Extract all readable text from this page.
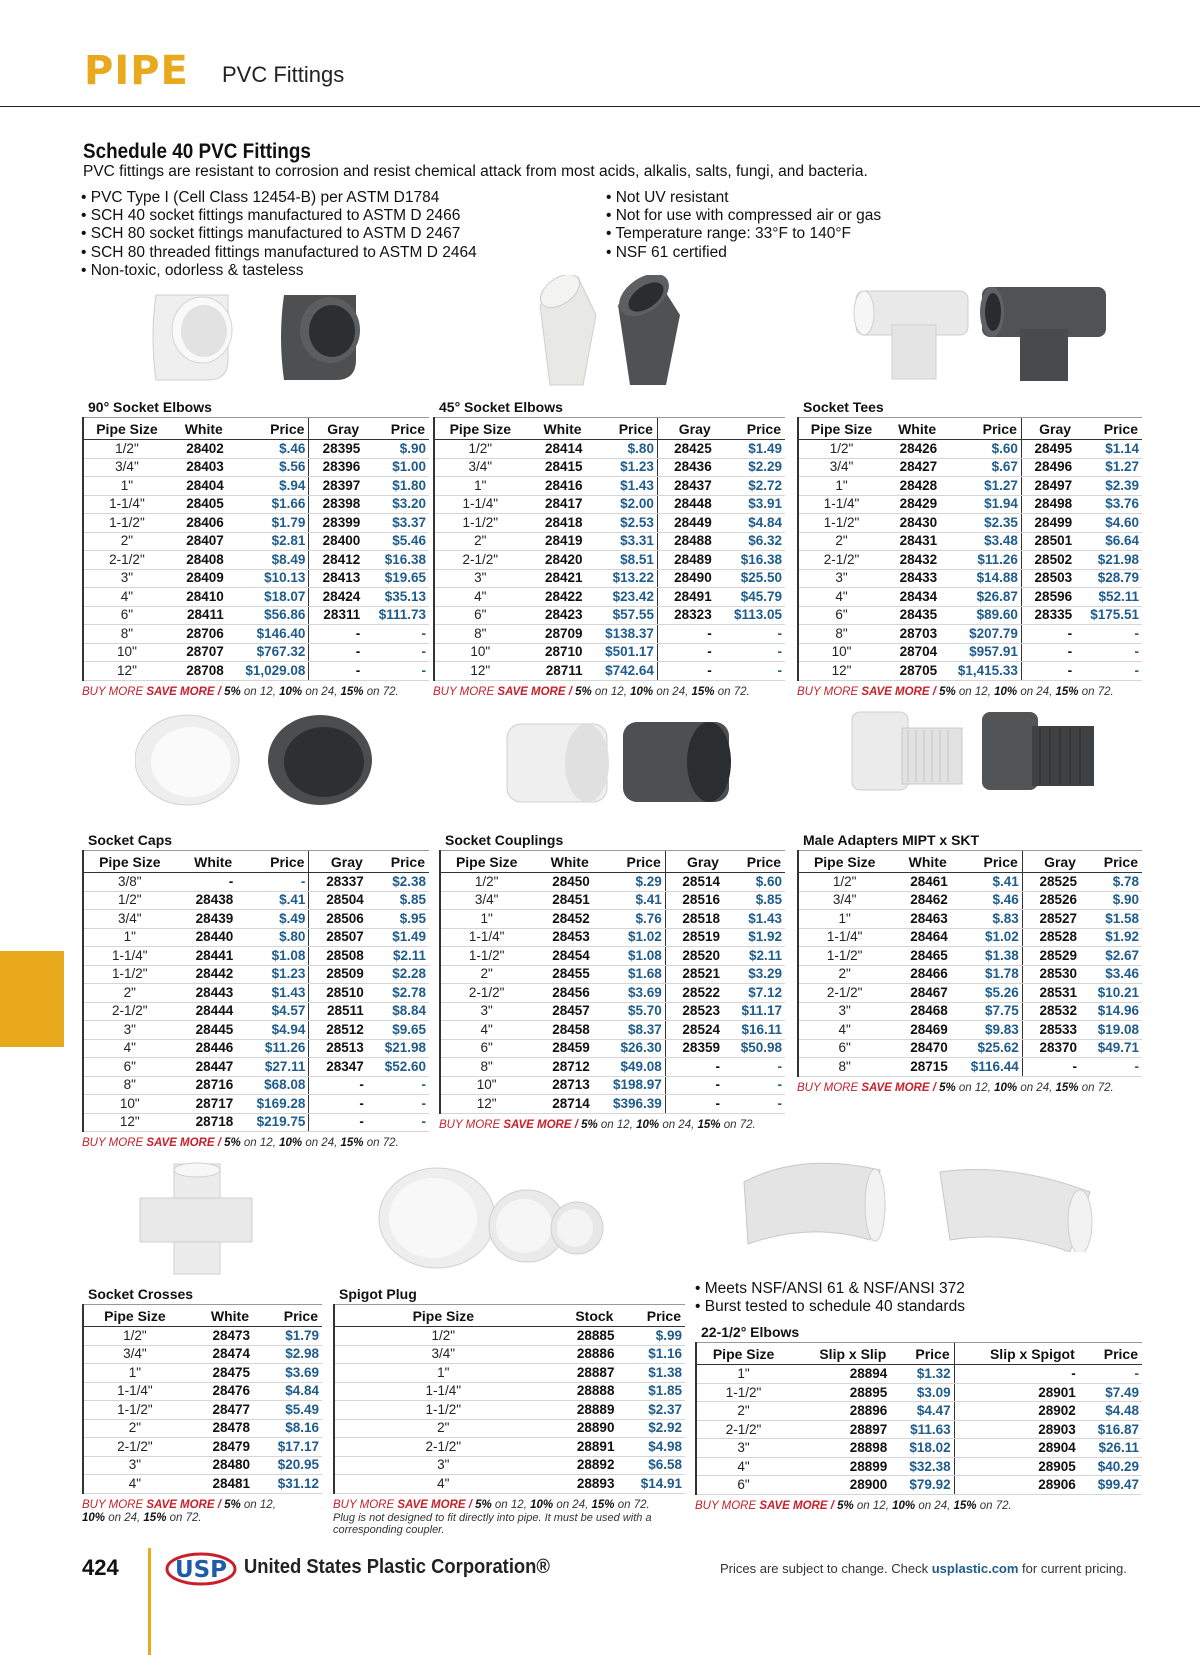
PIPE PVC Fittings
Schedule 40 PVC Fittings
PVC fittings are resistant to corrosion and resist chemical attack from most acids, alkalis, salts, fungi, and bacteria.
• PVC Type I (Cell Class 12454-B) per ASTM D1784
• SCH 40 socket fittings manufactured to ASTM D 2466
• SCH 80 socket fittings manufactured to ASTM D 2467
• SCH 80 threaded fittings manufactured to ASTM D 2464
• Non-toxic, odorless & tasteless
• Not UV resistant
• Not for use with compressed air or gas
• Temperature range: 33°F to 140°F
• NSF 61 certified
90° Socket Elbows
Pipe Size	White	Price	Gray	Price
1/2"	28402	$.46	28395	$.90
3/4"	28403	$.56	28396	$1.00
1"	28404	$.94	28397	$1.80
1-1/4"	28405	$1.66	28398	$3.20
1-1/2"	28406	$1.79	28399	$3.37
2"	28407	$2.81	28400	$5.46
2-1/2"	28408	$8.49	28412	$16.38
3"	28409	$10.13	28413	$19.65
4"	28410	$18.07	28424	$35.13
6"	28411	$56.86	28311	$111.73
8"	28706	$146.40	-	-
10"	28707	$767.32	-	-
12"	28708	$1,029.08	-	-
BUY MORE SAVE MORE / 5% on 12, 10% on 24, 15% on 72.
45° Socket Elbows
Pipe Size	White	Price	Gray	Price
1/2"	28414	$.80	28425	$1.49
3/4"	28415	$1.23	28436	$2.29
1"	28416	$1.43	28437	$2.72
1-1/4"	28417	$2.00	28448	$3.91
1-1/2"	28418	$2.53	28449	$4.84
2"	28419	$3.31	28488	$6.32
2-1/2"	28420	$8.51	28489	$16.38
3"	28421	$13.22	28490	$25.50
4"	28422	$23.42	28491	$45.79
6"	28423	$57.55	28323	$113.05
8"	28709	$138.37	-	-
10"	28710	$501.17	-	-
12"	28711	$742.64	-	-
BUY MORE SAVE MORE / 5% on 12, 10% on 24, 15% on 72.
Socket Tees
Pipe Size	White	Price	Gray	Price
1/2"	28426	$.60	28495	$1.14
3/4"	28427	$.67	28496	$1.27
1"	28428	$1.27	28497	$2.39
1-1/4"	28429	$1.94	28498	$3.76
1-1/2"	28430	$2.35	28499	$4.60
2"	28431	$3.48	28501	$6.64
2-1/2"	28432	$11.26	28502	$21.98
3"	28433	$14.88	28503	$28.79
4"	28434	$26.87	28596	$52.11
6"	28435	$89.60	28335	$175.51
8"	28703	$207.79	-	-
10"	28704	$957.91	-	-
12"	28705	$1,415.33	-	-
BUY MORE SAVE MORE / 5% on 12, 10% on 24, 15% on 72.
Socket Caps
Pipe Size	White	Price	Gray	Price
3/8"	-	-	28337	$2.38
1/2"	28438	$.41	28504	$.85
3/4"	28439	$.49	28506	$.95
1"	28440	$.80	28507	$1.49
1-1/4"	28441	$1.08	28508	$2.11
1-1/2"	28442	$1.23	28509	$2.28
2"	28443	$1.43	28510	$2.78
2-1/2"	28444	$4.57	28511	$8.84
3"	28445	$4.94	28512	$9.65
4"	28446	$11.26	28513	$21.98
6"	28447	$27.11	28347	$52.60
8"	28716	$68.08	-	-
10"	28717	$169.28	-	-
12"	28718	$219.75	-	-
BUY MORE SAVE MORE / 5% on 12, 10% on 24, 15% on 72.
Socket Couplings
Pipe Size	White	Price	Gray	Price
1/2"	28450	$.29	28514	$.60
3/4"	28451	$.41	28516	$.85
1"	28452	$.76	28518	$1.43
1-1/4"	28453	$1.02	28519	$1.92
1-1/2"	28454	$1.08	28520	$2.11
2"	28455	$1.68	28521	$3.29
2-1/2"	28456	$3.69	28522	$7.12
3"	28457	$5.70	28523	$11.17
4"	28458	$8.37	28524	$16.11
6"	28459	$26.30	28359	$50.98
8"	28712	$49.08	-	-
10"	28713	$198.97	-	-
12"	28714	$396.39	-	-
BUY MORE SAVE MORE / 5% on 12, 10% on 24, 15% on 72.
Male Adapters MIPT x SKT
Pipe Size	White	Price	Gray	Price
1/2"	28461	$.41	28525	$.78
3/4"	28462	$.46	28526	$.90
1"	28463	$.83	28527	$1.58
1-1/4"	28464	$1.02	28528	$1.92
1-1/2"	28465	$1.38	28529	$2.67
2"	28466	$1.78	28530	$3.46
2-1/2"	28467	$5.26	28531	$10.21
3"	28468	$7.75	28532	$14.96
4"	28469	$9.83	28533	$19.08
6"	28470	$25.62	28370	$49.71
8"	28715	$116.44	-	-
BUY MORE SAVE MORE / 5% on 12, 10% on 24, 15% on 72.
Socket Crosses
Pipe Size	White	Price
1/2"	28473	$1.79
3/4"	28474	$2.98
1"	28475	$3.69
1-1/4"	28476	$4.84
1-1/2"	28477	$5.49
2"	28478	$8.16
2-1/2"	28479	$17.17
3"	28480	$20.95
4"	28481	$31.12
BUY MORE SAVE MORE / 5% on 12, 10% on 24, 15% on 72.
Spigot Plug
Pipe Size	Stock	Price
1/2"	28885	$.99
3/4"	28886	$1.16
1"	28887	$1.38
1-1/4"	28888	$1.85
1-1/2"	28889	$2.37
2"	28890	$2.92
2-1/2"	28891	$4.98
3"	28892	$6.58
4"	28893	$14.91
BUY MORE SAVE MORE / 5% on 12, 10% on 24, 15% on 72.
Plug is not designed to fit directly into pipe. It must be used with a corresponding coupler.
• Meets NSF/ANSI 61 & NSF/ANSI 372
• Burst tested to schedule 40 standards
22-1/2° Elbows
Pipe Size	Slip x Slip	Price	Slip x Spigot	Price
1"	28894	$1.32	-	-
1-1/2"	28895	$3.09	28901	$7.49
2"	28896	$4.47	28902	$4.48
2-1/2"	28897	$11.63	28903	$16.87
3"	28898	$18.02	28904	$26.11
4"	28899	$32.38	28905	$40.29
6"	28900	$79.92	28906	$99.47
BUY MORE SAVE MORE / 5% on 12, 10% on 24, 15% on 72.
424 USP United States Plastic Corporation®	Prices are subject to change. Check usplastic.com for current pricing.
